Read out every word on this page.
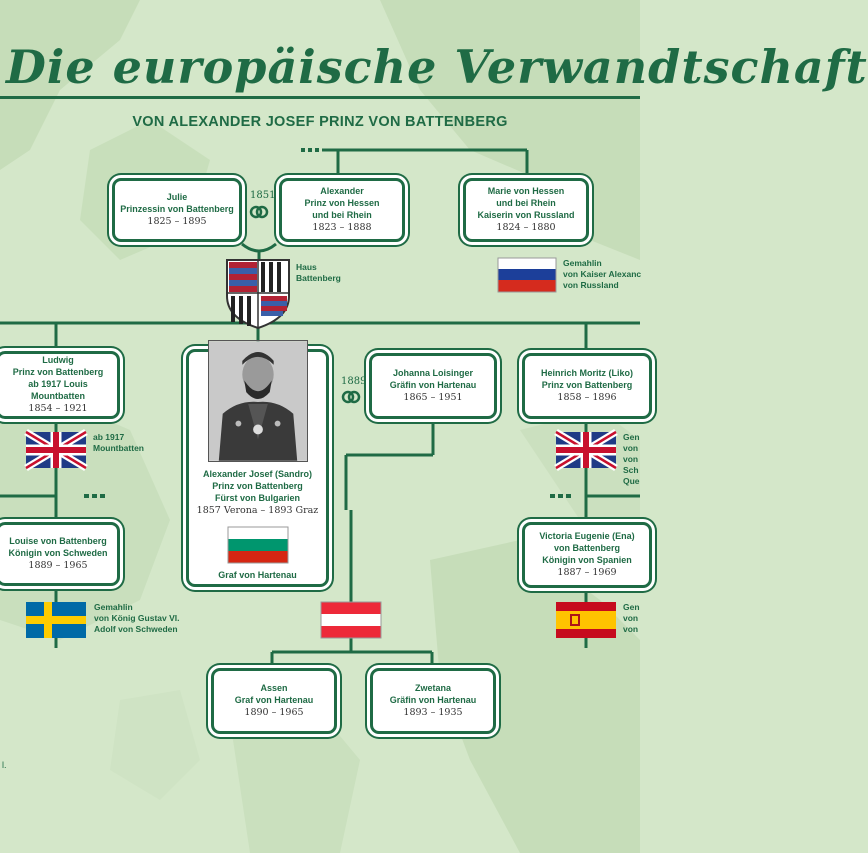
Die europäische Verwandtschaft
VON ALEXANDER JOSEF PRINZ VON BATTENBERG
Julie
Prinzessin von Battenberg
1825 – 1895
1851	Alexander
Prinz von Hessen
und bei Rhein
1823 – 1888
Marie von Hessen
und bei Rhein
Kaiserin von Russland
1824 – 1880
Haus
Battenberg
Gemahlin
von Kaiser Alexanc
von Russland
Ludwig
Prinz von Battenberg
ab 1917 Louis Mountbatten
1854 – 1921
ab 1917
Mountbatten
Alexander Josef (Sandro)
Prinz von Battenberg
Fürst von Bulgarien
1857 Verona – 1893 Graz
Graf von Hartenau
1889
Johanna Loisinger
Gräfin von Hartenau
1865 – 1951
Heinrich Moritz (Liko)
Prinz von Battenberg
1858 – 1896
Gen
von
von
Sch
Que
Louise von Battenberg
Königin von Schweden
1889 – 1965
Gemahlin
von König Gustav VI.
Adolf von Schweden
Victoria Eugenie (Ena)
von Battenberg
Königin von Spanien
1887 – 1969
Gen
von
von
Assen
Graf von Hartenau
1890 – 1965
Zwetana
Gräfin von Hartenau
1893 – 1935
l.
